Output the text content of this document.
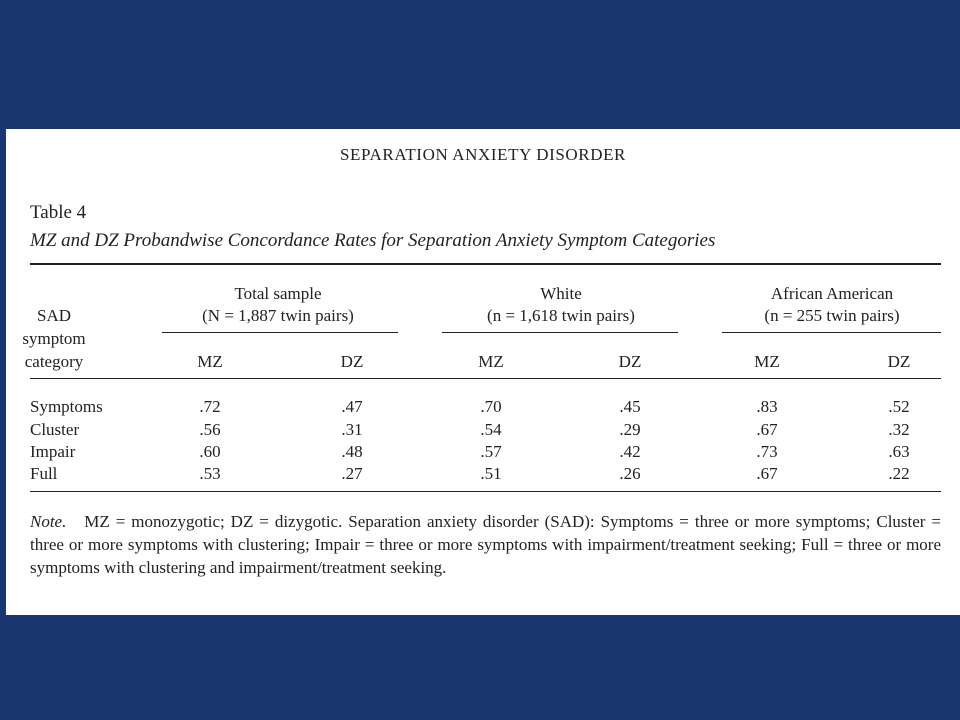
SEPARATION ANXIETY DISORDER
Table 4
MZ and DZ Probandwise Concordance Rates for Separation Anxiety Symptom Categories
SAD
symptom
category
Total sample
(N = 1,887 twin pairs)
White
(n = 1,618 twin pairs)
African American
(n = 255 twin pairs)
MZ	DZ	MZ	DZ	MZ	DZ
Symptoms	.72	.47	.70	.45	.83	.52
Cluster	.56	.31	.54	.29	.67	.32
Impair	.60	.48	.57	.42	.73	.63
Full	.53	.27	.51	.26	.67	.22
Note. MZ = monozygotic; DZ = dizygotic. Separation anxiety disorder (SAD): Symptoms = three or more symptoms; Cluster = three or more symptoms with clustering; Impair = three or more symptoms with impairment/treatment seeking; Full = three or more symptoms with clustering and impairment/treatment seeking.
